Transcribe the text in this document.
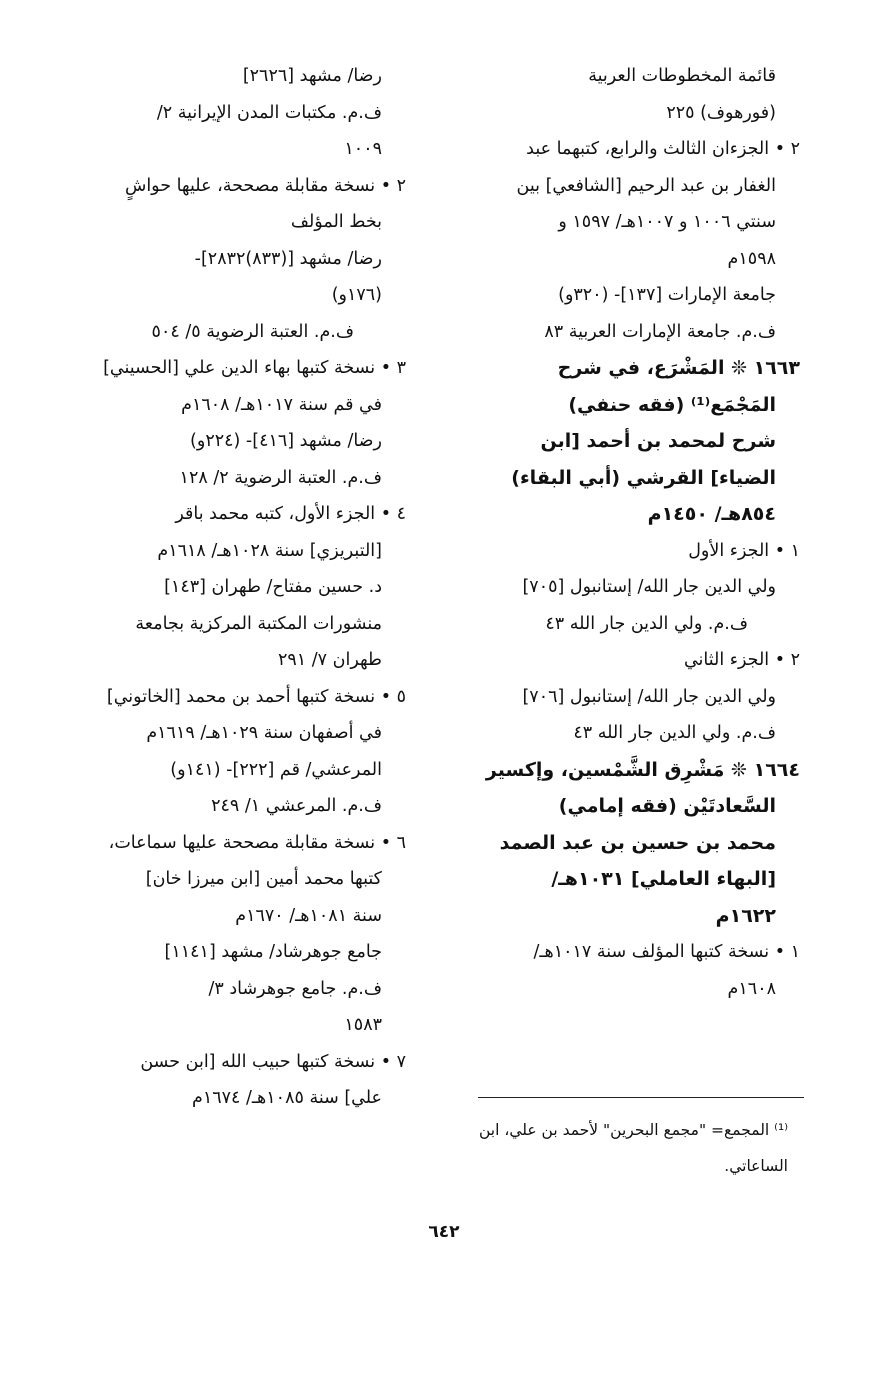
قائمة المخطوطات العربية
(فورهوف) ٢٢٥
٢ • الجزءان الثالث والرابع، كتبهما عبد
الغفار بن عبد الرحيم [الشافعي] بين
سنتي ١٠٠٦ و ١٠٠٧هـ/ ١٥٩٧ و
١٥٩٨م
جامعة الإمارات [١٣٧]- (٣٢٠و)
ف.م. جامعة الإمارات العربية ٨٣
١٦٦٣ ❊ المَشْرَع، في شرح
المَجْمَع⁽¹⁾ (فقه حنفي)
شرح لمحمد بن أحمد [ابن
الضياء] القرشي (أبي البقاء)
٨٥٤هـ/ ١٤٥٠م
١ • الجزء الأول
ولي الدين جار الله/ إستانبول [٧٠٥]
ف.م. ولي الدين جار الله ٤٣
٢ • الجزء الثاني
ولي الدين جار الله/ إستانبول [٧٠٦]
ف.م. ولي الدين جار الله ٤٣
١٦٦٤ ❊ مَشْرِق الشَّمْسين، وإكسير
السَّعادتَيْن (فقه إمامي)
محمد بن حسين بن عبد الصمد
[البهاء العاملي] ١٠٣١هـ/
١٦٢٢م
١ • نسخة كتبها المؤلف سنة ١٠١٧هـ/
١٦٠٨م
رضا/ مشهد [٢٦٢٦]
ف.م. مكتبات المدن الإيرانية ٢/
١٠٠٩
٢ • نسخة مقابلة مصححة، عليها حواشٍ
بخط المؤلف
رضا/ مشهد [(٨٣٣)٢٨٣٢]-
(١٧٦و)
ف.م. العتبة الرضوية ٥/ ٥٠٤
٣ • نسخة كتبها بهاء الدين علي [الحسيني]
في قم سنة ١٠١٧هـ/ ١٦٠٨م
رضا/ مشهد [٤١٦]- (٢٢٤و)
ف.م. العتبة الرضوية ٢/ ١٢٨
٤ • الجزء الأول، كتبه محمد باقر
[التبريزي] سنة ١٠٢٨هـ/ ١٦١٨م
د. حسين مفتاح/ طهران [١٤٣]
منشورات المكتبة المركزية بجامعة
طهران ٧/ ٢٩١
٥ • نسخة كتبها أحمد بن محمد [الخاتوني]
في أصفهان سنة ١٠٢٩هـ/ ١٦١٩م
المرعشي/ قم [٢٢٢]- (١٤١و)
ف.م. المرعشي ١/ ٢٤٩
٦ • نسخة مقابلة مصححة عليها سماعات،
كتبها محمد أمين [ابن ميرزا خان]
سنة ١٠٨١هـ/ ١٦٧٠م
جامع جوهرشاد/ مشهد [١١٤١]
ف.م. جامع جوهرشاد ٣/
١٥٨٣
٧ • نسخة كتبها حبيب الله [ابن حسن
علي] سنة ١٠٨٥هـ/ ١٦٧٤م
⁽¹⁾ المجمع= "مجمع البحرين" لأحمد بن علي، ابن
الساعاتي.
٦٤٢
